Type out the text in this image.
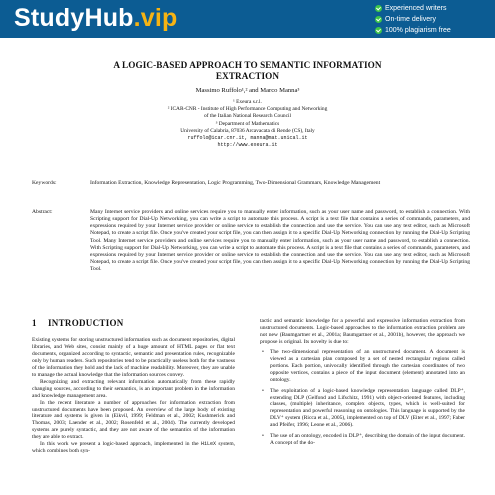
StudyHub.vip	Experienced writers
On-time delivery
100% plagiarism free
A LOGIC-BASED APPROACH TO SEMANTIC INFORMATION
EXTRACTION
Massimo Ruffolo¹,² and Marco Manna³
¹ Exeura s.r.l.
² ICAR-CNR - Institute of High Performance Computing and Networking
of the Italian National Research Council
³ Department of Mathematics
University of Calabria, 87036 Arcavacata di Rende (CS), Italy
ruffolo@icar.cnr.it, manna@mat.unical.it
http://www.exeura.it
Keywords:	Information Extraction, Knowledge Representation, Logic Programming, Two-Dimensional Grammars, Knowledge Management
Abstract:	Many Internet service providers and online services require you to manually enter information, such as your user name and password, to establish a connection. With Scripting support for Dial-Up Networking, you can write a script to automate this process. A script is a text file that contains a series of commands, parameters, and expressions required by your Internet service provider or online service to establish the connection and use the service. You can use any text editor, such as Microsoft Notepad, to create a script file. Once you've created your script file, you can then assign it to a specific Dial-Up Networking connection by running the Dial-Up Scripting Tool. Many Internet service providers and online services require you to manually enter information, such as your user name and password, to establish a connection. With Scripting support for Dial-Up Networking, you can write a script to automate this process. A script is a text file that contains a series of commands, parameters, and expressions required by your Internet service provider or online service to establish the connection and use the service. You can use any text editor, such as Microsoft Notepad, to create a script file. Once you've created your script file, you can then assign it to a specific Dial-Up Networking connection by running the Dial-Up Scripting Tool.
1 INTRODUCTION

Existing systems for storing unstructured information such as document repositories, digital libraries, and Web sites, consist mainly of a huge amount of HTML pages or flat text documents, organized according to syntactic, semantic and presentation rules, recognizable only by human readers. Such repositories tend to be practically useless both for the vastness of the information they hold and the lack of machine readability. Moreover, they are unable to manage the actual knowledge that the information sources convey.

Recognizing and extracting relevant information automatically from these rapidly changing sources, according to their semantics, is an important problem in the information and knowledge management area.

In the recent literature a number of approaches for information extraction from unstructured documents have been proposed. An overview of the large body of existing literature and systems is given in (Eikvil, 1999; Feldman et al., 2002; Kushmerick and Thomas, 2003; Laender et al., 2002; Rosenfeld et al., 2004). The currently developed systems are purely syntactic, and they are not aware of the semantics of the information they are able to extract.

In this work we present a logic-based approach, implemented in the HiLeX system, which combines both syn-

tactic and semantic knowledge for a powerful and expressive information extraction from unstructured documents. Logic-based approaches to the information extraction problem are not new (Baumgartner et al., 2001a; Baumgartner et al., 2001b), however, the approach we propose is original. Its novelty is due to:

• The two-dimensional representation of an unstructured document. A document is viewed as a cartesian plan composed by a set of nested rectangular regions called portions. Each portion, univocally identified through the cartesian coordinates of two opposite vertices, contains a piece of the input document (element) annotated into an ontology.
• The exploitation of a logic-based knowledge representation language called DLP⁺, extending DLP (Gelfond and Lifschitz, 1991) with object-oriented features, including classes, (multiple) inheritance, complex objects, types, which is well-suited for representation and powerful reasoning on ontologies. This language is supported by the DLV⁺ system (Ricca et al., 2005), implemented on top of DLV (Eiter et al., 1997; Faber and Pfeifer, 1996; Leone et al., 2006).
• The use of an ontology, encoded in DLP⁺, describing the domain of the input document. A concept of the do-
